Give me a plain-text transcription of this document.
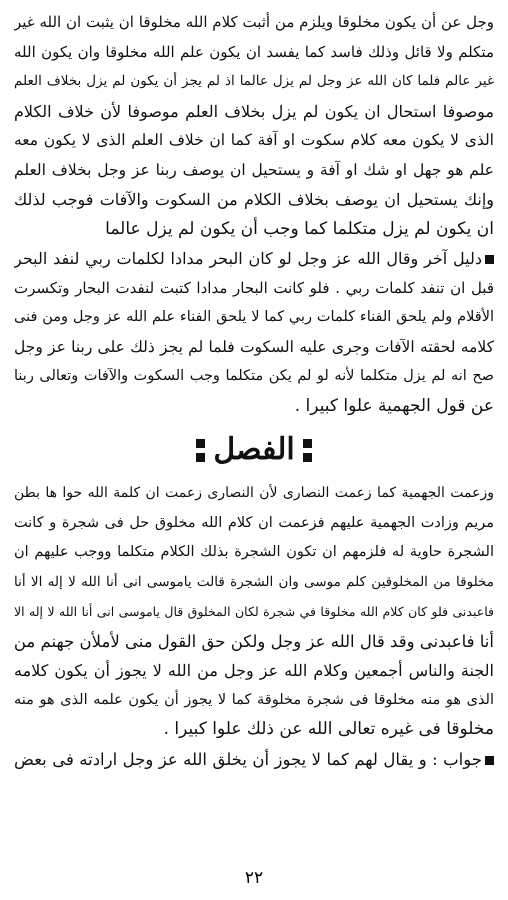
وجل عن أن يكون مخلوقا ويلزم من أثبت كلام الله مخلوقا ان يثبت ان الله غير
متكلم ولا قائل وذلك فاسد كما يفسد ان يكون علم الله مخلوقا وان يكون الله
غير عالم فلما كان الله عز وجل لم يزل عالما اذ لم يجز أن يكون لم يزل بخلاف العلم
موصوفا استحال ان يكون لم يزل بخلاف العلم موصوفا لأن خلاف الكلام
الذى لا يكون معه كلام سكوت او آفة كما ان خلاف العلم الذى لا يكون معه
علم هو جهل او شك او آفة و يستحيل ان يوصف ربنا عز وجل بخلاف العلم
وإنك يستحيل ان يوصف بخلاف الكلام من السكوت والآفات فوجب لذلك
ان يكون لم يزل متكلما كما وجب أن يكون لم يزل عالما
دليل آخر وقال الله عز وجل لو كان البحر مدادا لكلمات ربي لنفد البحر
قبل ان تنفد كلمات ربي . فلو كانت البحار مدادا كتبت لنفدت البحار وتكسرت
الأقلام ولم يلحق الفناء كلمات ربي كما لا يلحق الفناء علم الله عز وجل ومن فنى
كلامه لحقته الآفات وجرى عليه السكوت فلما لم يجز ذلك على ربنا عز وجل
صح انه لم يزل متكلما لأنه لو لم يكن متكلما وجب السكوت والآفات وتعالى ربنا
عن قول الجهمية علوا كبيرا .
الفصل
وزعمت الجهمية كما زعمت النصارى لأن النصارى زعمت ان كلمة الله حوا ها بطن
مريم وزادت الجهمية عليهم فزعمت ان كلام الله مخلوق حل فى شجرة و كانت
الشجرة حاوية له فلزمهم ان تكون الشجرة بذلك الكلام متكلما ووجب عليهم ان
مخلوقا من المخلوقين كلم موسى وان الشجرة قالت ياموسى انى أنا الله لا إله الا أنا
فاعبدنى فلو كان كلام الله مخلوقا في شجرة لكان المخلوق قال ياموسى انى أنا الله لا إله الا
أنا فاعبدنى وقد قال الله عز وجل ولكن حق القول منى لأملأن جهنم من
الجنة والناس أجمعين وكلام الله عز وجل من الله لا يجوز أن يكون كلامه
الذى هو منه مخلوقا فى شجرة مخلوقة كما لا يجوز أن يكون علمه الذى هو منه
مخلوقا فى غيره تعالى الله عن ذلك علوا كبيرا .
جواب : و يقال لهم كما لا يجوز أن يخلق الله عز وجل ارادته فى بعض
٢٢
